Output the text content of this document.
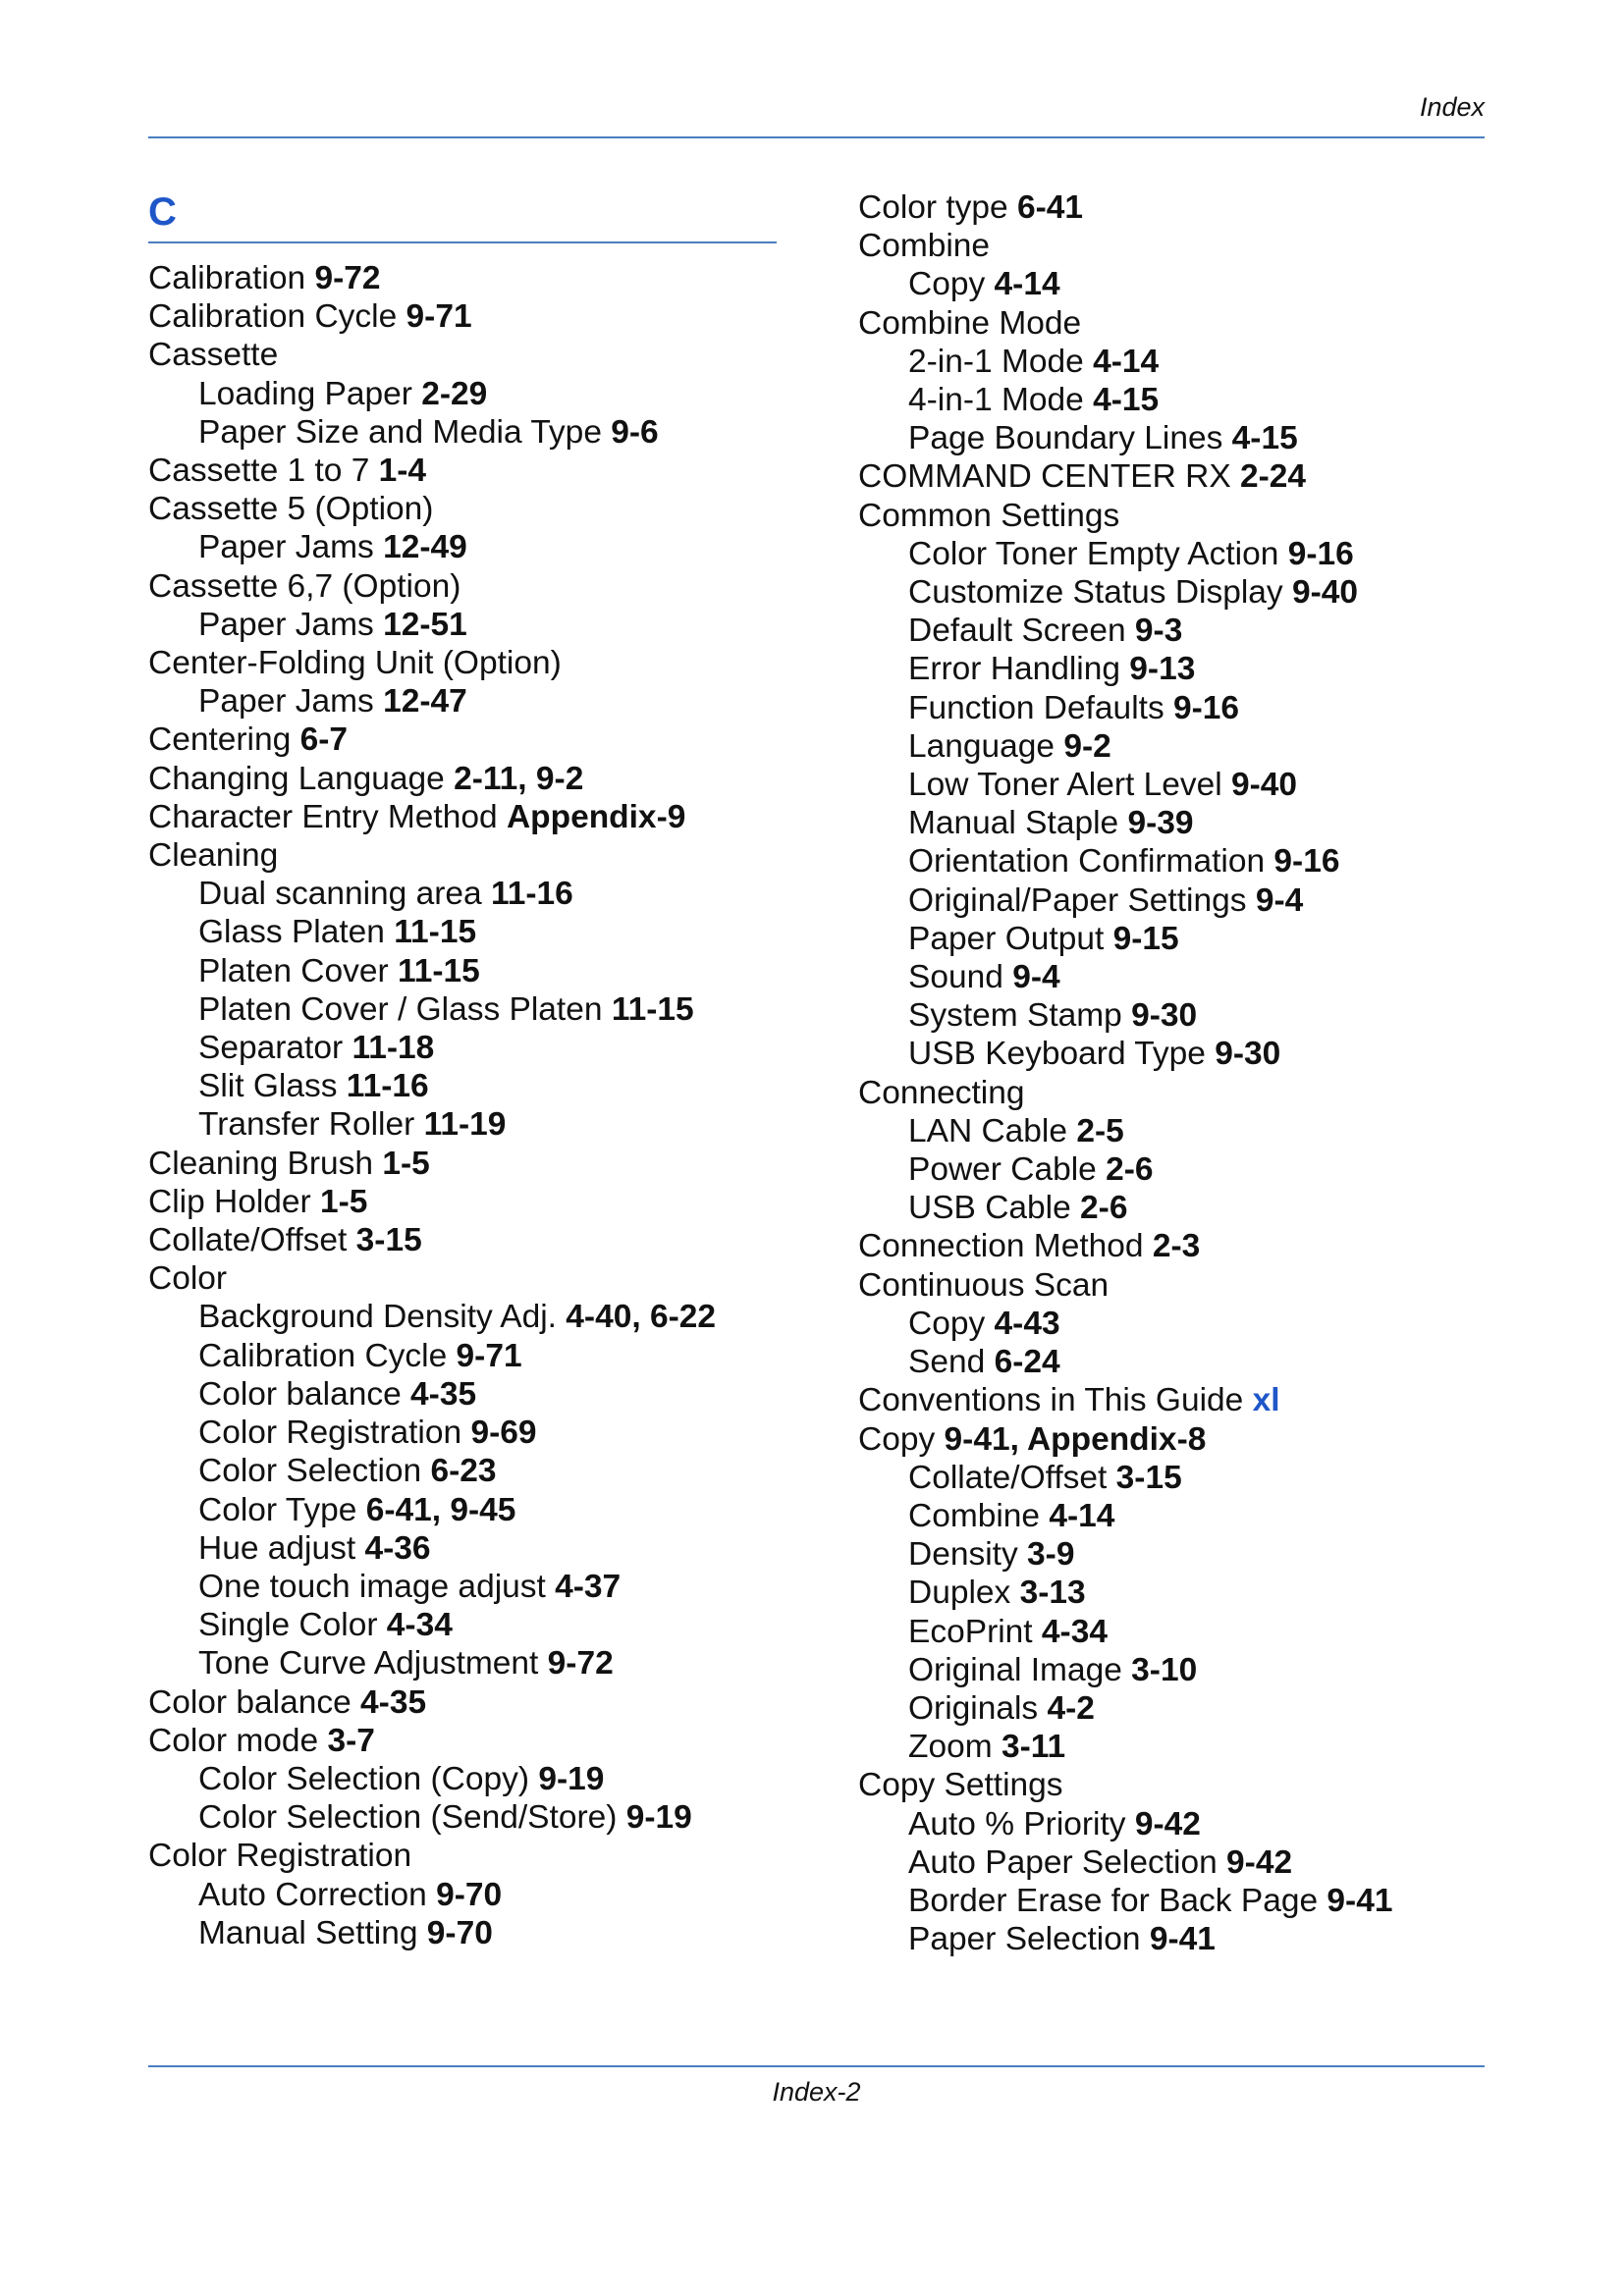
Index
C
Calibration 9-72
Calibration Cycle 9-71
Cassette
Loading Paper 2-29
Paper Size and Media Type 9-6
Cassette 1 to 7 1-4
Cassette 5 (Option)
Paper Jams 12-49
Cassette 6,7 (Option)
Paper Jams 12-51
Center-Folding Unit (Option)
Paper Jams 12-47
Centering 6-7
Changing Language 2-11, 9-2
Character Entry Method Appendix-9
Cleaning
Dual scanning area 11-16
Glass Platen 11-15
Platen Cover 11-15
Platen Cover / Glass Platen 11-15
Separator 11-18
Slit Glass 11-16
Transfer Roller 11-19
Cleaning Brush 1-5
Clip Holder 1-5
Collate/Offset 3-15
Color
Background Density Adj. 4-40, 6-22
Calibration Cycle 9-71
Color balance 4-35
Color Registration 9-69
Color Selection 6-23
Color Type 6-41, 9-45
Hue adjust 4-36
One touch image adjust 4-37
Single Color 4-34
Tone Curve Adjustment 9-72
Color balance 4-35
Color mode 3-7
Color Selection (Copy) 9-19
Color Selection (Send/Store) 9-19
Color Registration
Auto Correction 9-70
Manual Setting 9-70
Color type 6-41
Combine
Copy 4-14
Combine Mode
2-in-1 Mode 4-14
4-in-1 Mode 4-15
Page Boundary Lines 4-15
COMMAND CENTER RX 2-24
Common Settings
Color Toner Empty Action 9-16
Customize Status Display 9-40
Default Screen 9-3
Error Handling 9-13
Function Defaults 9-16
Language 9-2
Low Toner Alert Level 9-40
Manual Staple 9-39
Orientation Confirmation 9-16
Original/Paper Settings 9-4
Paper Output 9-15
Sound 9-4
System Stamp 9-30
USB Keyboard Type 9-30
Connecting
LAN Cable 2-5
Power Cable 2-6
USB Cable 2-6
Connection Method 2-3
Continuous Scan
Copy 4-43
Send 6-24
Conventions in This Guide xl
Copy 9-41, Appendix-8
Collate/Offset 3-15
Combine 4-14
Density 3-9
Duplex 3-13
EcoPrint 4-34
Original Image 3-10
Originals 4-2
Zoom 3-11
Copy Settings
Auto % Priority 9-42
Auto Paper Selection 9-42
Border Erase for Back Page 9-41
Paper Selection 9-41
Index-2
